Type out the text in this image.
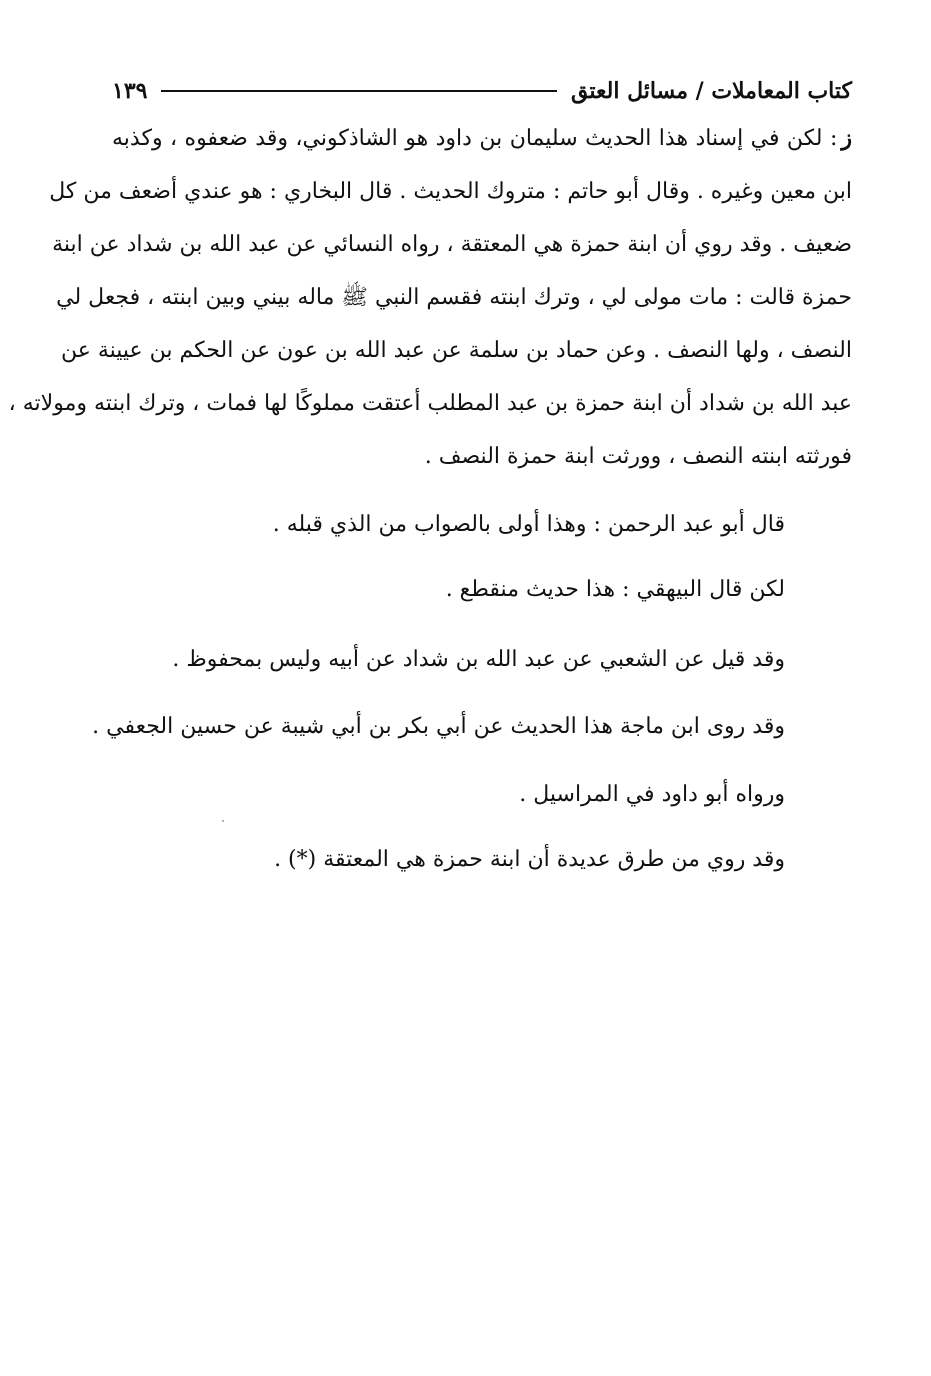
كتاب المعاملات / مسائل العتق
١٣٩
ز: لكن في إسناد هذا الحديث سليمان بن داود هو الشاذكوني، وقد ضعفوه ، وكذبه
ابن معين وغيره . وقال أبو حاتم : متروك الحديث . قال البخاري : هو عندي أضعف من كل
ضعيف . وقد روي أن ابنة حمزة هي المعتقة ، رواه النسائي عن عبد الله بن شداد عن ابنة
حمزة قالت : مات مولى لي ، وترك ابنته فقسم النبي ﷺ ماله بيني وبين ابنته ، فجعل لي
النصف ، ولها النصف . وعن حماد بن سلمة عن عبد الله بن عون عن الحكم بن عيينة عن
عبد الله بن شداد أن ابنة حمزة بن عبد المطلب أعتقت مملوكًا لها فمات ، وترك ابنته ومولاته ،
فورثته ابنته النصف ، وورثت ابنة حمزة النصف .
قال أبو عبد الرحمن : وهذا أولى بالصواب من الذي قبله .
لكن قال البيهقي : هذا حديث منقطع .
وقد قيل عن الشعبي عن عبد الله بن شداد عن أبيه وليس بمحفوظ .
وقد روى ابن ماجة هذا الحديث عن أبي بكر بن أبي شيبة عن حسين الجعفي .
ورواه أبو داود في المراسيل .
وقد روي من طرق عديدة أن ابنة حمزة هي المعتقة (*) .
